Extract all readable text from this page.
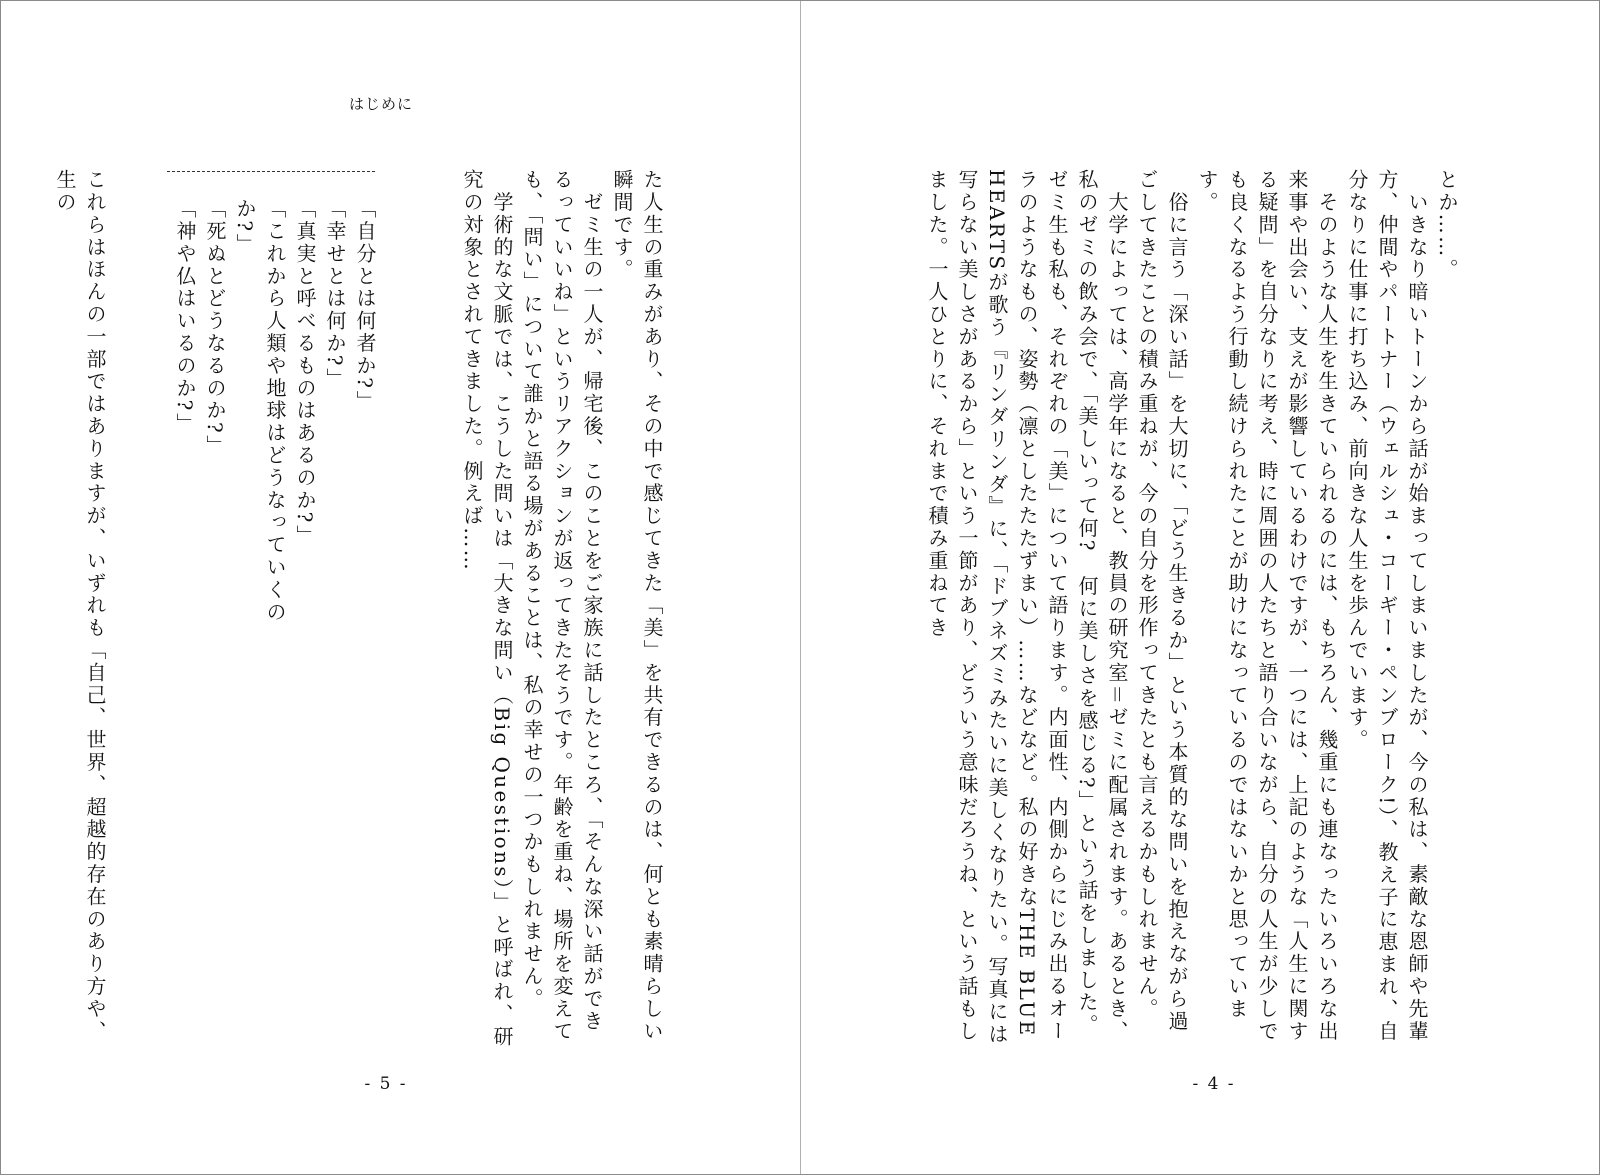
はじめに

た人生の重みがあり、その中で感じてきた「美」を共有できるのは、何とも素晴らしい瞬間です。

　ゼミ生の一人が、帰宅後、このことをご家族に話したところ、「そんな深い話ができるっていいね」というリアクションが返ってきたそうです。年齢を重ね、場所を変えても、「問い」について誰かと語る場があることは、私の幸せの一つかもしれません。

　学術的な文脈では、こうした問いは「大きな問い（Big Questions）」と呼ばれ、研究の対象とされてきました。例えば……

「自分とは何者か?」

「幸せとは何か?」

「真実と呼べるものはあるのか?」

「これから人類や地球はどうなっていくのか?」

「死ぬとどうなるのか?」

「神や仏はいるのか?」

これらはほんの一部ではありますが、いずれも「自己、世界、超越的存在のあり方や、生の

- 5 -

とか……。

　いきなり暗いトーンから話が始まってしまいましたが、今の私は、素敵な恩師や先輩方、仲間やパートナー（ウェルシュ・コーギー・ペンブローク!）、教え子に恵まれ、自分なりに仕事に打ち込み、前向きな人生を歩んでいます。

　そのような人生を生きていられるのには、もちろん、幾重にも連なったいろいろな出来事や出会い、支えが影響しているわけですが、一つには、上記のような「人生に関する疑問」を自分なりに考え、時に周囲の人たちと語り合いながら、自分の人生が少しでも良くなるよう行動し続けられたことが助けになっているのではないかと思っています。

　俗に言う「深い話」を大切に、「どう生きるか」という本質的な問いを抱えながら過ごしてきたことの積み重ねが、今の自分を形作ってきたとも言えるかもしれません。

　大学によっては、高学年になると、教員の研究室＝ゼミに配属されます。あるとき、私のゼミの飲み会で、「美しいって何?　何に美しさを感じる?」という話をしました。ゼミ生も私も、それぞれの「美」について語ります。内面性、内側からにじみ出るオーラのようなもの、姿勢（凛としたたたずまい）……などなど。私の好きなTHE BLUE HEARTSが歌う『リンダリンダ』に、「ドブネズミみたいに美しくなりたい。写真には写らない美しさがあるから」という一節があり、どういう意味だろうね、という話もしました。一人ひとりに、それまで積み重ねてき

- 4 -
